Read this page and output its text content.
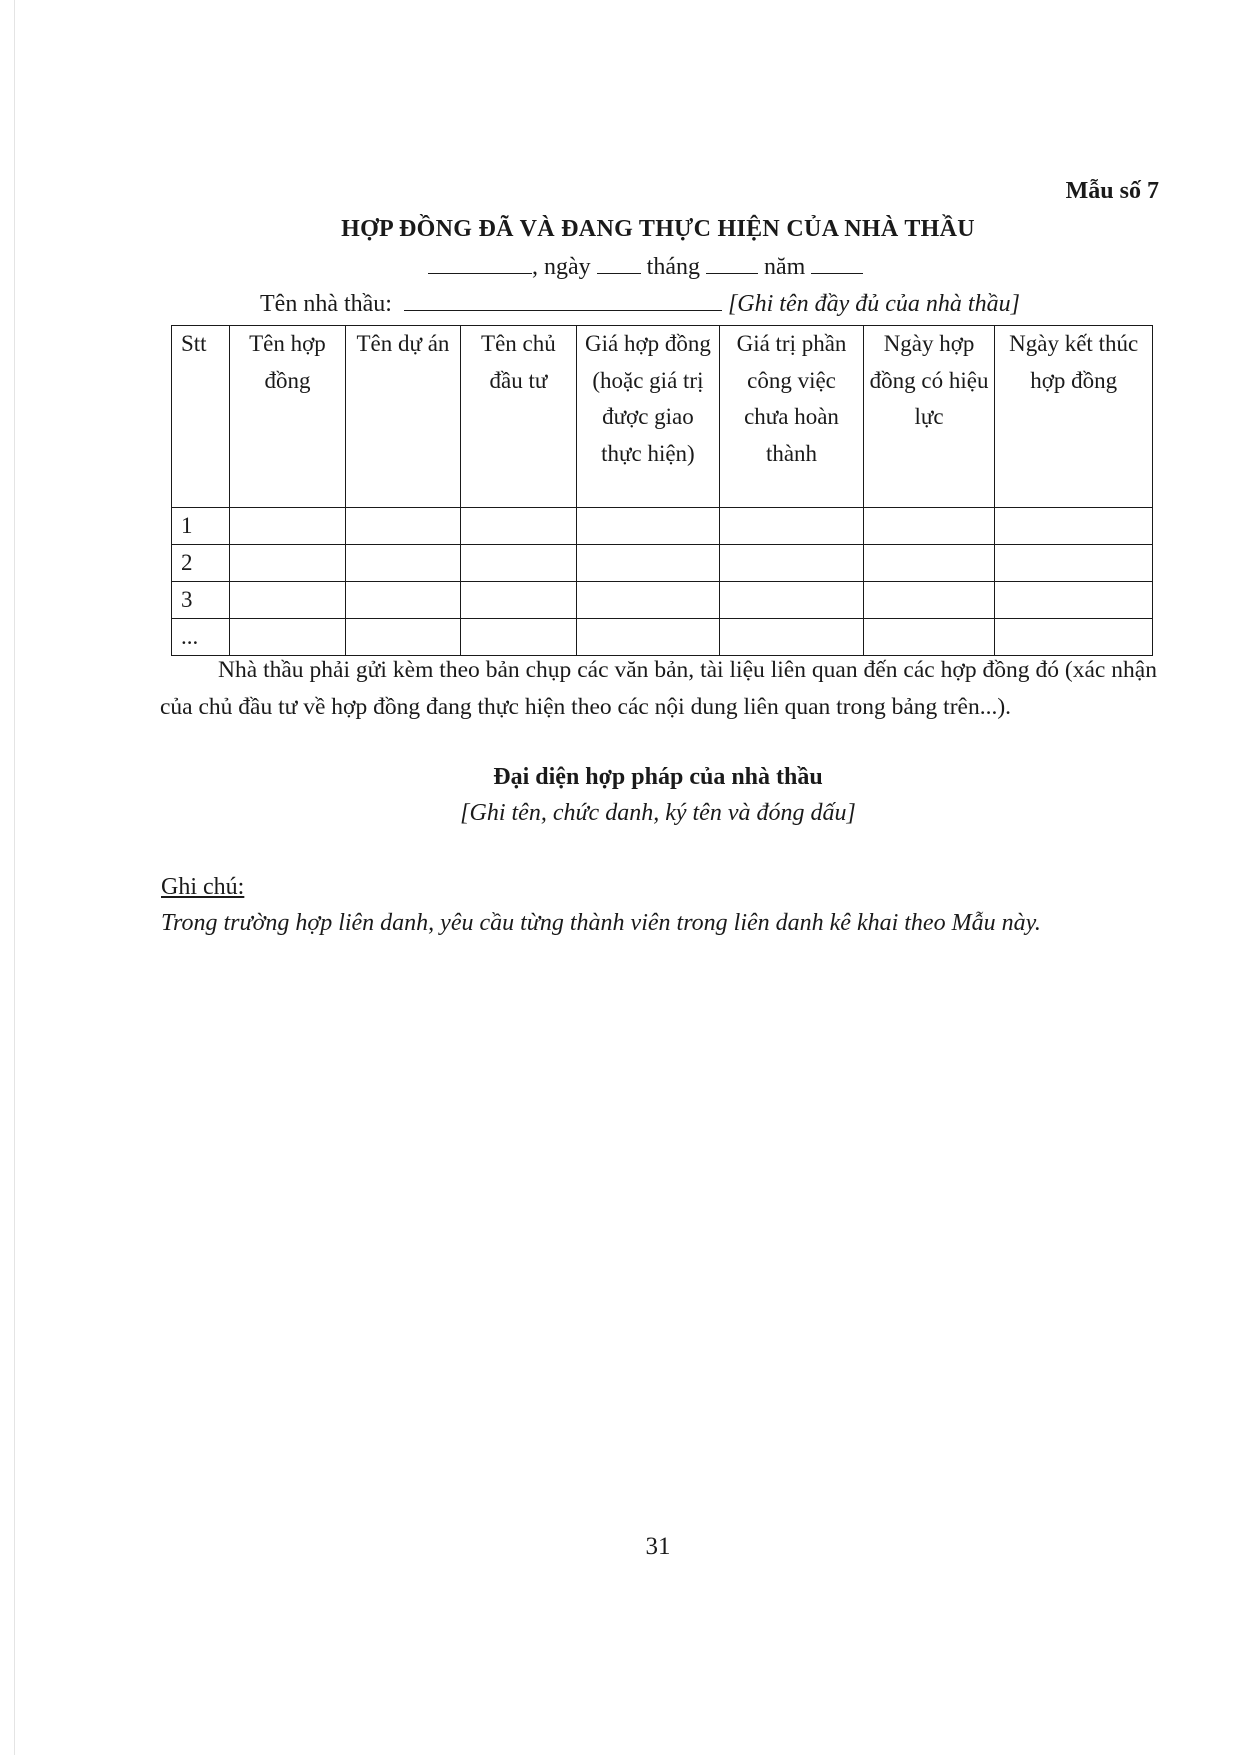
Mẫu số 7
HỢP ĐỒNG ĐÃ VÀ ĐANG THỰC HIỆN CỦA NHÀ THẦU
, ngày tháng	năm
Tên nhà thầu:	[Ghi tên đầy đủ của nhà thầu]
Stt	Tên hợp đồng	Tên dự án	Tên chủ đầu tư	Giá hợp đồng (hoặc giá trị được giao thực hiện)	Giá trị phần công việc chưa hoàn thành	Ngày hợp đồng có hiệu lực	Ngày kết thúc hợp đồng
1							
2							
3							
...							
Nhà thầu phải gửi kèm theo bản chụp các văn bản, tài liệu liên quan đến các hợp đồng đó (xác nhận của chủ đầu tư về hợp đồng đang thực hiện theo các nội dung liên quan trong bảng trên...).
Đại diện hợp pháp của nhà thầu
[Ghi tên, chức danh, ký tên và đóng dấu]
Ghi chú:
Trong trường hợp liên danh, yêu cầu từng thành viên trong liên danh kê khai theo Mẫu này.
31
